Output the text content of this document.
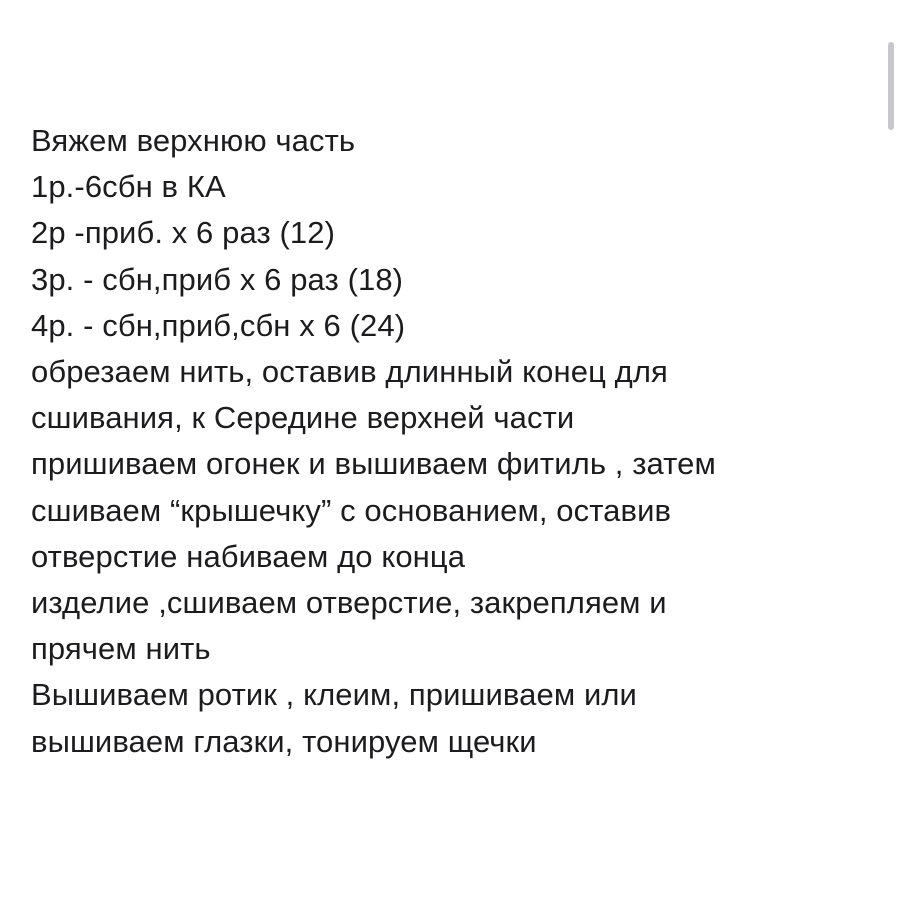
Вяжем верхнюю часть
1р.-6сбн в КА
2р -приб. х 6 раз (12)
3р. - сбн,приб х 6 раз (18)
4р. - сбн,приб,сбн х 6 (24)
обрезаем нить, оставив длинный конец для
сшивания, к Середине верхней части
пришиваем огонек и вышиваем фитиль , затем
сшиваем “крышечку” с основанием, оставив
отверстие набиваем до конца
изделие ,сшиваем отверстие, закрепляем и
прячем нить
Вышиваем ротик , клеим, пришиваем или
вышиваем глазки, тонируем щечки
